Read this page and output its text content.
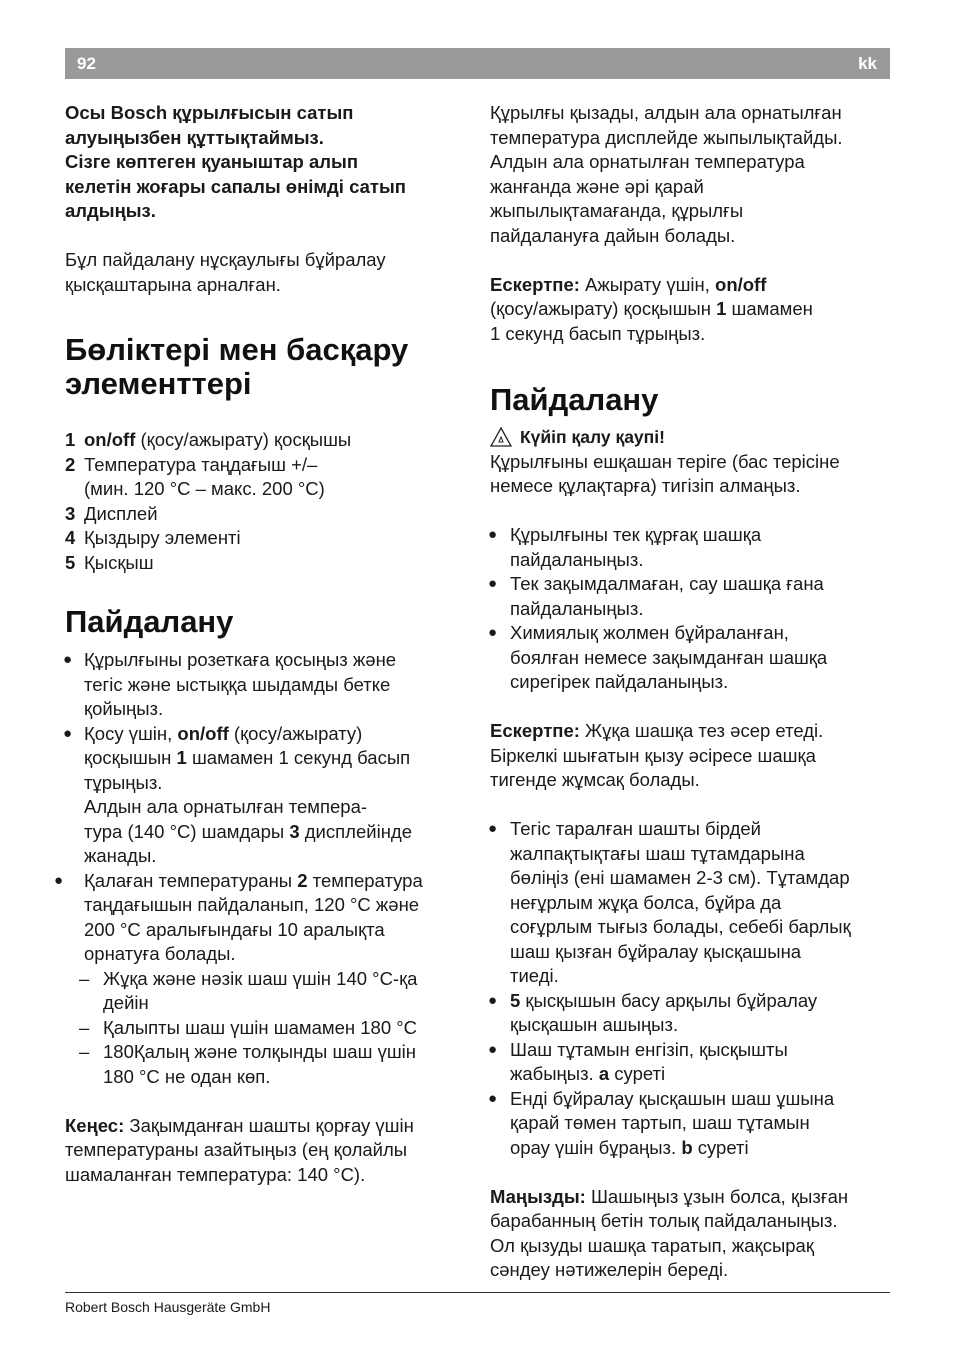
92	kk

Осы Bosch құрылғысын сатып
алуыңызбен құттықтаймыз.
Сізге көптеген қуаныштар алып
келетін жоғары сапалы өнімді сатып
алдыңыз.

Бұл пайдалану нұсқаулығы бұйралау
қысқаштарына арналған.

Бөліктері мен басқару
элементтері
1 on/off (қосу/ажырату) қосқышы
2 Температура таңдағыш +/–
(мин. 120 °C – макс. 200 °C)
3 Дисплей
4 Қыздыру элементі
5 Қысқыш
Пайдалану
● Құрылғыны розеткаға қосыңыз және
тегіс және ыстыққа шыдамды бетке
қойыңыз.
● Қосу үшін, on/off (қосу/ажырату)
қосқышын 1 шамамен 1 секунд басып
тұрыңыз.
Алдын ала орнатылған темпера-
тура (140 °C) шамдары 3 дисплейінде
жанады.
● Қалаған температураны 2 температура
таңдағышын пайдаланып, 120 °C және
200 °C аралығындағы 10 аралықта
орнатуға болады.
– Жұқа және нәзік шаш үшін 140 °C-қа
дейін
– Қалыпты шаш үшін шамамен 180 °C
– 180Қалың және толқынды шаш үшін
180 °C не одан көп.

Кеңес: Зақымданған шашты қорғау үшін
температураны азайтыңыз (ең қолайлы
шамаланған температура: 140 °C).

Құрылғы қызады, алдын ала орнатылған
температура дисплейде жыпылықтайды.
Алдын ала орнатылған температура
жанғанда және әрі қарай
жыпылықтамағанда, құрылғы
пайдалануға дайын болады.

Ескертпе: Ажырату үшін, on/off
(қосу/ажырату) қосқышын 1 шамамен
1 секунд басып тұрыңыз.

Пайдалану
Күйіп қалу қаупі!

Құрылғыны ешқашан теріге (бас терісіне
немесе құлақтарға) тигізіп алмаңыз.

● Құрылғыны тек құрғақ шашқа
пайдаланыңыз.
● Тек зақымдалмаған, сау шашқа ғана
пайдаланыңыз.
● Химиялық жолмен бұйраланған,
боялған немесе зақымданған шашқа
сирегірек пайдаланыңыз.

Ескертпе: Жұқа шашқа тез әсер етеді.
Біркелкі шығатын қызу әсіресе шашқа
тигенде жұмсақ болады.

● Тегіс таралған шашты бірдей
жалпақтықтағы шаш тұтамдарына
бөліңіз (ені шамамен 2-3 см). Тұтамдар
неғұрлым жұқа болса, бұйра да
соғұрлым тығыз болады, себебі барлық
шаш қызған бұйралау қысқашына
тиеді.
● 5 қысқышын басу арқылы бұйралау
қысқашын ашыңыз.
● Шаш тұтамын енгізіп, қысқышты
жабыңыз. a суреті
● Енді бұйралау қысқашын шаш ұшына
қарай төмен тартып, шаш тұтамын
орау үшін бұраңыз. b суреті

Маңызды: Шашыңыз ұзын болса, қызған
барабанның бетін толық пайдаланыңыз.
Ол қызуды шашқа таратып, жақсырақ
сәндеу нәтижелерін береді.

Robert Bosch Hausgeräte GmbH
